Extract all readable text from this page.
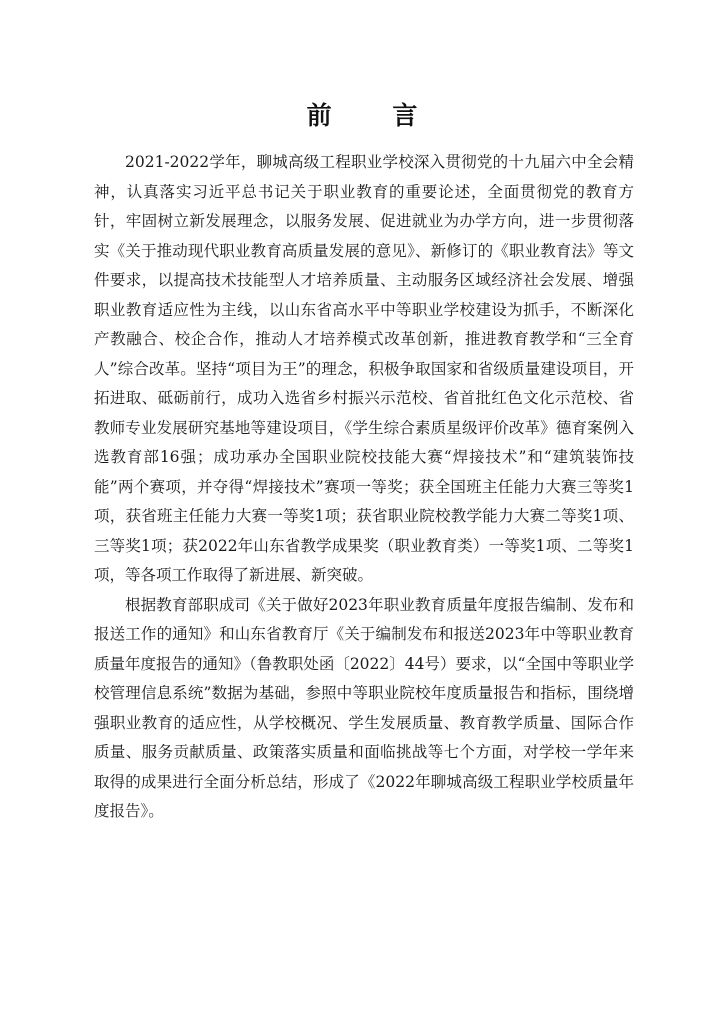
前 言

2021-2022学年，聊城高级工程职业学校深入贯彻党的十九届六中全会精神，认真落实习近平总书记关于职业教育的重要论述，全面贯彻党的教育方针，牢固树立新发展理念，以服务发展、促进就业为办学方向，进一步贯彻落实《关于推动现代职业教育高质量发展的意见》、新修订的《职业教育法》等文件要求，以提高技术技能型人才培养质量、主动服务区域经济社会发展、增强职业教育适应性为主线，以山东省高水平中等职业学校建设为抓手，不断深化产教融合、校企合作，推动人才培养模式改革创新，推进教育教学和“三全育人”综合改革。坚持“项目为王”的理念，积极争取国家和省级质量建设项目，开拓进取、砥砺前行，成功入选省乡村振兴示范校、省首批红色文化示范校、省教师专业发展研究基地等建设项目，《学生综合素质星级评价改革》德育案例入选教育部16强；成功承办全国职业院校技能大赛“焊接技术”和“建筑装饰技能”两个赛项，并夺得“焊接技术”赛项一等奖；获全国班主任能力大赛三等奖1项，获省班主任能力大赛一等奖1项；获省职业院校教学能力大赛二等奖1项、三等奖1项；获2022年山东省教学成果奖（职业教育类）一等奖1项、二等奖1项，等各项工作取得了新进展、新突破。

根据教育部职成司《关于做好2023年职业教育质量年度报告编制、发布和报送工作的通知》和山东省教育厅《关于编制发布和报送2023年中等职业教育质量年度报告的通知》（鲁教职处函〔2022〕44号）要求，以“全国中等职业学校管理信息系统”数据为基础，参照中等职业院校年度质量报告和指标，围绕增强职业教育的适应性，从学校概况、学生发展质量、教育教学质量、国际合作质量、服务贡献质量、政策落实质量和面临挑战等七个方面，对学校一学年来取得的成果进行全面分析总结，形成了《2022年聊城高级工程职业学校质量年度报告》。
